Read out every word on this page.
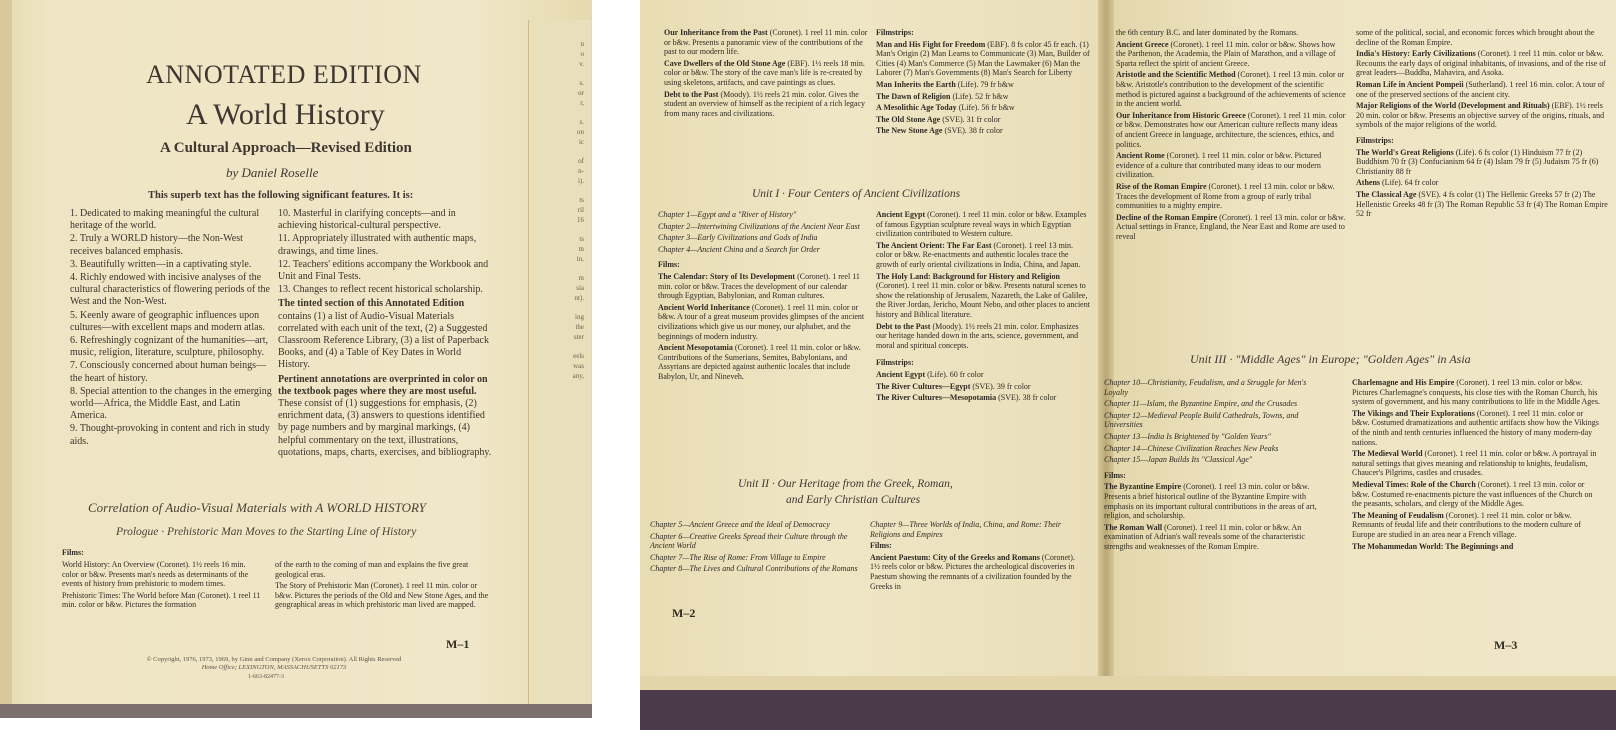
n
o
v.
s.
or
r,
s.
on
ic
of
n-
i).
ts
ril
16
ts
m
in.
m
sia
nt).
ing
the
ster
eels
was
any,
ANNOTATED EDITION
A World History
A Cultural Approach—Revised Edition
by Daniel Roselle
This superb text has the following significant features. It is:
1. Dedicated to making meaningful the cultural heritage of the world.
2. Truly a WORLD history—the Non-West receives balanced emphasis.
3. Beautifully written—in a captivating style.
4. Richly endowed with incisive analyses of the cultural characteristics of flowering periods of the West and the Non-West.
5. Keenly aware of geographic influences upon cultures—with excellent maps and modern atlas.
6. Refreshingly cognizant of the humanities—art, music, religion, literature, sculpture, philosophy.
7. Consciously concerned about human beings—the heart of history.
8. Special attention to the changes in the emerging world—Africa, the Middle East, and Latin America.
9. Thought-provoking in content and rich in study aids.
10. Masterful in clarifying concepts—and in achieving historical-cultural perspective.
11. Appropriately illustrated with authentic maps, drawings, and time lines.
12. Teachers' editions accompany the Workbook and Unit and Final Tests.
13. Changes to reflect recent historical scholarship.

The tinted section of this Annotated Edition contains (1) a list of Audio-Visual Materials correlated with each unit of the text, (2) a Suggested Classroom Reference Library, (3) a list of Paperback Books, and (4) a Table of Key Dates in World History.

Pertinent annotations are overprinted in color on the textbook pages where they are most useful. These consist of (1) suggestions for emphasis, (2) enrichment data, (3) answers to questions identified by page numbers and by marginal markings, (4) helpful commentary on the text, illustrations, quotations, maps, charts, exercises, and bibliography.

Correlation of Audio-Visual Materials with A WORLD HISTORY
Prologue · Prehistoric Man Moves to the Starting Line of History
Films:

World History: An Overview (Coronet). 1½ reels 16 min. color or b&w. Presents man's needs as determinants of the events of history from prehistoric to modern times.

Prehistoric Times: The World before Man (Coronet). 1 reel 11 min. color or b&w. Pictures the formation

of the earth to the coming of man and explains the five great geological eras.

The Story of Prehistoric Man (Coronet). 1 reel 11 min. color or b&w. Pictures the periods of the Old and New Stone Ages, and the geographical areas in which prehistoric man lived are mapped.

M–1
© Copyright, 1976, 1973, 1969, by Ginn and Company (Xerox Corporation). All Rights Reserved
Home Office; LEXINGTON, MASSACHUSETTS 02173
1-663-82477-3

Our Inheritance from the Past (Coronet). 1 reel 11 min. color or b&w. Presents a panoramic view of the contributions of the past to our modern life.

Cave Dwellers of the Old Stone Age (EBF). 1½ reels 18 min. color or b&w. The story of the cave man's life is re-created by using skeletons, artifacts, and cave paintings as clues.

Debt to the Past (Moody). 1½ reels 21 min. color. Gives the student an overview of himself as the recipient of a rich legacy from many races and civilizations.

Filmstrips:

Man and His Fight for Freedom (EBF). 8 fs color 45 fr each. (1) Man's Origin (2) Man Learns to Communicate (3) Man, Builder of Cities (4) Man's Commerce (5) Man the Lawmaker (6) Man the Laborer (7) Man's Governments (8) Man's Search for Liberty

Man Inherits the Earth (Life). 79 fr b&w

The Dawn of Religion (Life). 52 fr b&w

A Mesolithic Age Today (Life). 56 fr b&w

The Old Stone Age (SVE). 31 fr color

The New Stone Age (SVE). 38 fr color

Unit I · Four Centers of Ancient Civilizations

Chapter 1—Egypt and a "River of History"

Chapter 2—Intertwining Civilizations of the Ancient Near East

Chapter 3—Early Civilizations and Gods of India

Chapter 4—Ancient China and a Search for Order

Films:

The Calendar: Story of Its Development (Coronet). 1 reel 11 min. color or b&w. Traces the development of our calendar through Egyptian, Babylonian, and Roman cultures.

Ancient World Inheritance (Coronet). 1 reel 11 min. color or b&w. A tour of a great museum provides glimpses of the ancient civilizations which give us our money, our alphabet, and the beginnings of modern industry.

Ancient Mesopotamia (Coronet). 1 reel 11 min. color or b&w. Contributions of the Sumerians, Semites, Babylonians, and Assyrians are depicted against authentic locales that include Babylon, Ur, and Nineveh.

Ancient Egypt (Coronet). 1 reel 11 min. color or b&w. Examples of famous Egyptian sculpture reveal ways in which Egyptian civilization contributed to Western culture.

The Ancient Orient: The Far East (Coronet). 1 reel 13 min. color or b&w. Re-enactments and authentic locales trace the growth of early oriental civilizations in India, China, and Japan.

The Holy Land: Background for History and Religion (Coronet). 1 reel 11 min. color or b&w. Presents natural scenes to show the relationship of Jerusalem, Nazareth, the Lake of Galilee, the River Jordan, Jericho, Mount Nebo, and other places to ancient history and Biblical literature.

Debt to the Past (Moody). 1½ reels 21 min. color. Emphasizes our heritage handed down in the arts, science, government, and moral and spiritual concepts.

Filmstrips:

Ancient Egypt (Life). 60 fr color

The River Cultures—Egypt (SVE). 39 fr color

The River Cultures—Mesopotamia (SVE). 38 fr color

Unit II · Our Heritage from the Greek, Roman,
and Early Christian Cultures

Chapter 5—Ancient Greece and the Ideal of Democracy

Chapter 6—Creative Greeks Spread their Culture through the Ancient World

Chapter 7—The Rise of Rome: From Village to Empire

Chapter 8—The Lives and Cultural Contributions of the Romans

Chapter 9—Three Worlds of India, China, and Rome: Their Religions and Empires

Films:

Ancient Paestum: City of the Greeks and Romans (Coronet). 1½ reels color or b&w. Pictures the archeological discoveries in Paestum showing the remnants of a civilization founded by the Greeks in

M–2

the 6th century B.C. and later dominated by the Romans.

Ancient Greece (Coronet). 1 reel 11 min. color or b&w. Shows how the Parthenon, the Academia, the Plain of Marathon, and a village of Sparta reflect the spirit of ancient Greece.

Aristotle and the Scientific Method (Coronet). 1 reel 13 min. color or b&w. Aristotle's contribution to the development of the scientific method is pictured against a background of the achievements of science in the ancient world.

Our Inheritance from Historic Greece (Coronet). 1 reel 11 min. color or b&w. Demonstrates how our American culture reflects many ideas of ancient Greece in language, architecture, the sciences, ethics, and politics.

Ancient Rome (Coronet). 1 reel 11 min. color or b&w. Pictured evidence of a culture that contributed many ideas to our modern civilization.

Rise of the Roman Empire (Coronet). 1 reel 13 min. color or b&w. Traces the development of Rome from a group of early tribal communities to a mighty empire.

Decline of the Roman Empire (Coronet). 1 reel 13 min. color or b&w. Actual settings in France, England, the Near East and Rome are used to reveal

some of the political, social, and economic forces which brought about the decline of the Roman Empire.

India's History: Early Civilizations (Coronet). 1 reel 11 min. color or b&w. Recounts the early days of original inhabitants, of invasions, and of the rise of great leaders—Buddha, Mahavira, and Asoka.

Roman Life in Ancient Pompeii (Sutherland). 1 reel 16 min. color. A tour of one of the preserved sections of the ancient city.

Major Religions of the World (Development and Rituals) (EBF). 1½ reels 20 min. color or b&w. Presents an objective survey of the origins, rituals, and symbols of the major religions of the world.

Filmstrips:

The World's Great Religions (Life). 6 fs color (1) Hinduism 77 fr (2) Buddhism 70 fr (3) Confucianism 64 fr (4) Islam 79 fr (5) Judaism 75 fr (6) Christianity 88 fr

Athens (Life). 64 fr color

The Classical Age (SVE). 4 fs color (1) The Hellenic Greeks 57 fr (2) The Hellenistic Greeks 48 fr (3) The Roman Republic 53 fr (4) The Roman Empire 52 fr

Unit III · "Middle Ages" in Europe; "Golden Ages" in Asia

Chapter 10—Christianity, Feudalism, and a Struggle for Men's Loyalty

Chapter 11—Islam, the Byzantine Empire, and the Crusades

Chapter 12—Medieval People Build Cathedrals, Towns, and Universities

Chapter 13—India Is Brightened by "Golden Years"

Chapter 14—Chinese Civilization Reaches New Peaks

Chapter 15—Japan Builds Its "Classical Age"

Films:

The Byzantine Empire (Coronet). 1 reel 13 min. color or b&w. Presents a brief historical outline of the Byzantine Empire with emphasis on its important cultural contributions in the areas of art, religion, and scholarship.

The Roman Wall (Coronet). 1 reel 11 min. color or b&w. An examination of Adrian's wall reveals some of the characteristic strengths and weaknesses of the Roman Empire.

Charlemagne and His Empire (Coronet). 1 reel 13 min. color or b&w. Pictures Charlemagne's conquests, his close ties with the Roman Church, his system of government, and his many contributions to life in the Middle Ages.

The Vikings and Their Explorations (Coronet). 1 reel 11 min. color or b&w. Costumed dramatizations and authentic artifacts show how the Vikings of the ninth and tenth centuries influenced the history of many modern-day nations.

The Medieval World (Coronet). 1 reel 11 min. color or b&w. A portrayal in natural settings that gives meaning and relationship to knights, feudalism, Chaucer's Pilgrims, castles and crusades.

Medieval Times: Role of the Church (Coronet). 1 reel 13 min. color or b&w. Costumed re-enactments picture the vast influences of the Church on the peasants, scholars, and clergy of the Middle Ages.

The Meaning of Feudalism (Coronet). 1 reel 11 min. color or b&w. Remnants of feudal life and their contributions to the modern culture of Europe are studied in an area near a French village.

The Mohammedan World: The Beginnings and

M–3
